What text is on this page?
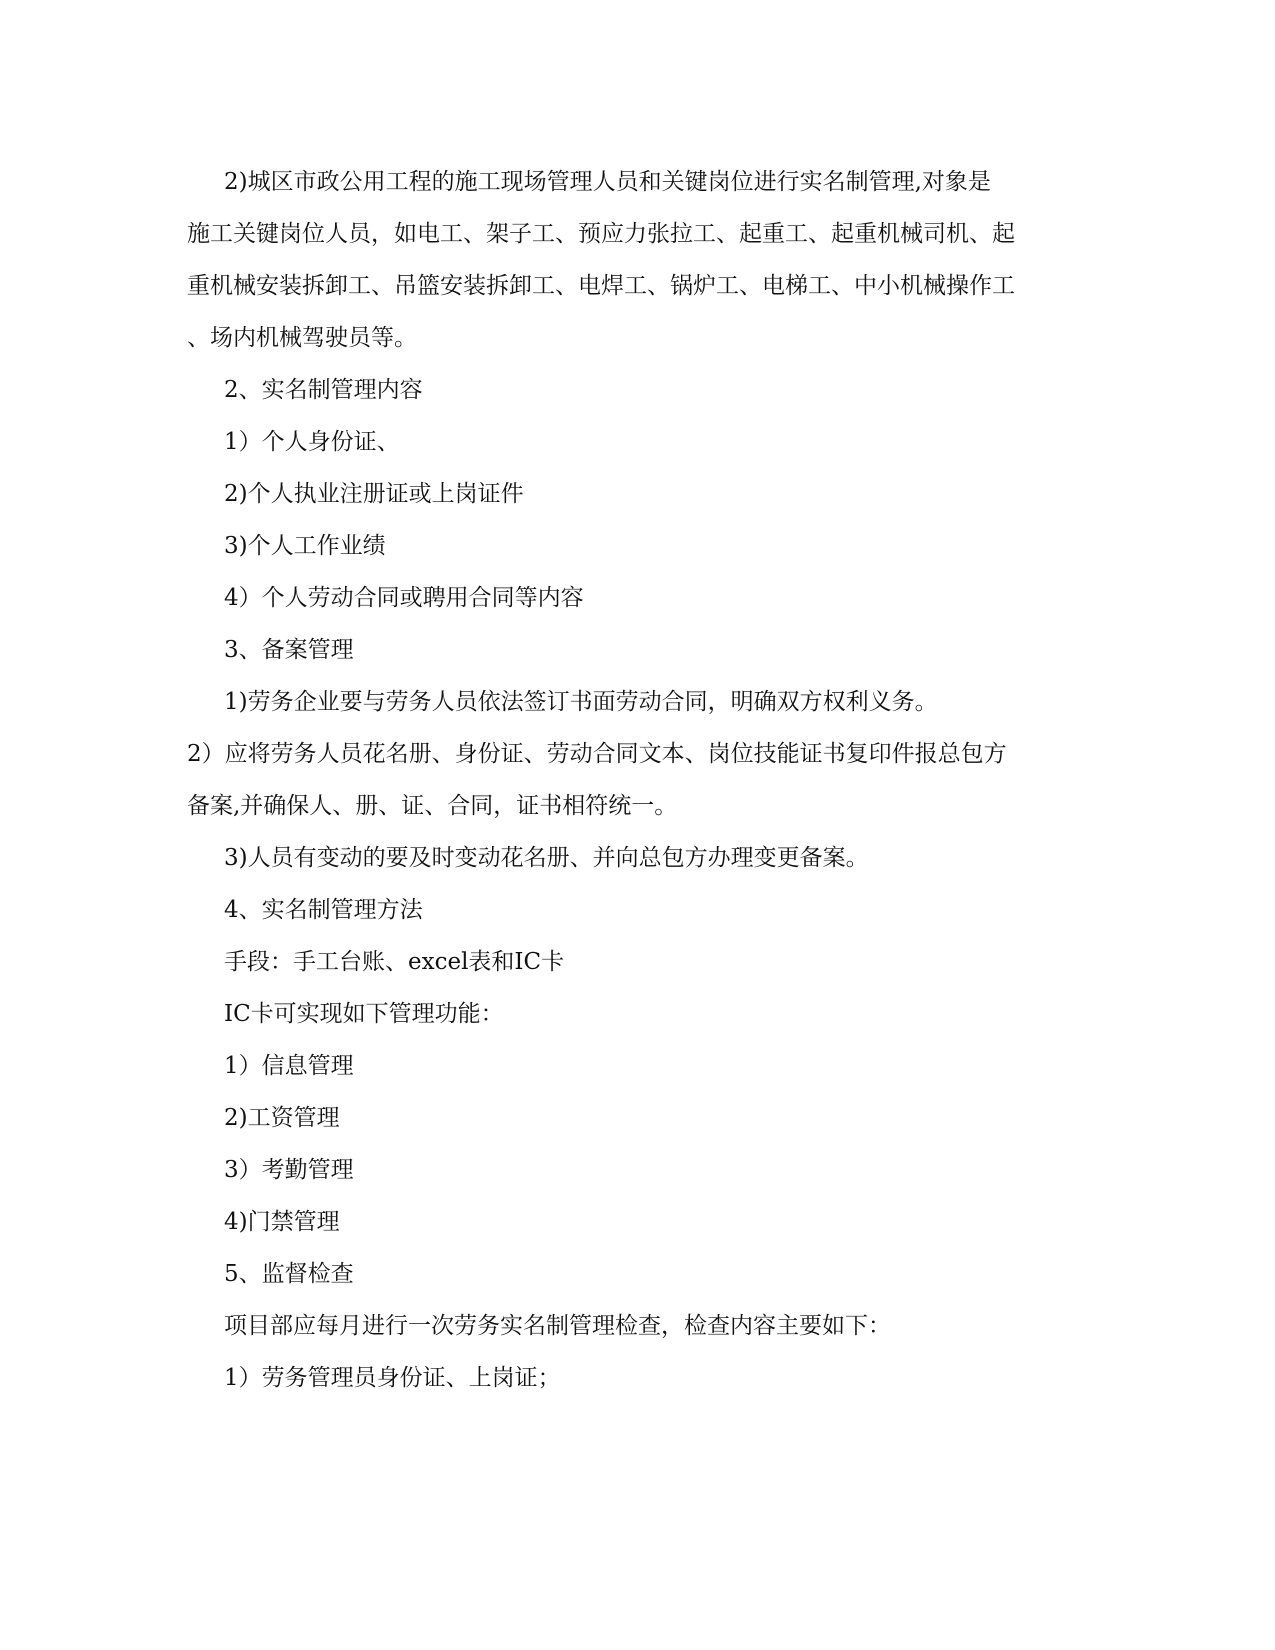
2)城区市政公用工程的施工现场管理人员和关键岗位进行实名制管理,对象是
施工关键岗位人员，如电工、架子工、预应力张拉工、起重工、起重机械司机、起
重机械安装拆卸工、吊篮安装拆卸工、电焊工、锅炉工、电梯工、中小机械操作工
、场内机械驾驶员等。
2、实名制管理内容
1）个人身份证、
2)个人执业注册证或上岗证件
3)个人工作业绩
4）个人劳动合同或聘用合同等内容
3、备案管理
1)劳务企业要与劳务人员依法签订书面劳动合同，明确双方权利义务。
2）应将劳务人员花名册、身份证、劳动合同文本、岗位技能证书复印件报总包方
备案,并确保人、册、证、合同，证书相符统一。
3)人员有变动的要及时变动花名册、并向总包方办理变更备案。
4、实名制管理方法
手段：手工台账、excel表和IC卡
IC卡可实现如下管理功能：
1）信息管理
2)工资管理
3）考勤管理
4)门禁管理
5、监督检查
项目部应每月进行一次劳务实名制管理检查，检查内容主要如下：
1）劳务管理员身份证、上岗证；
